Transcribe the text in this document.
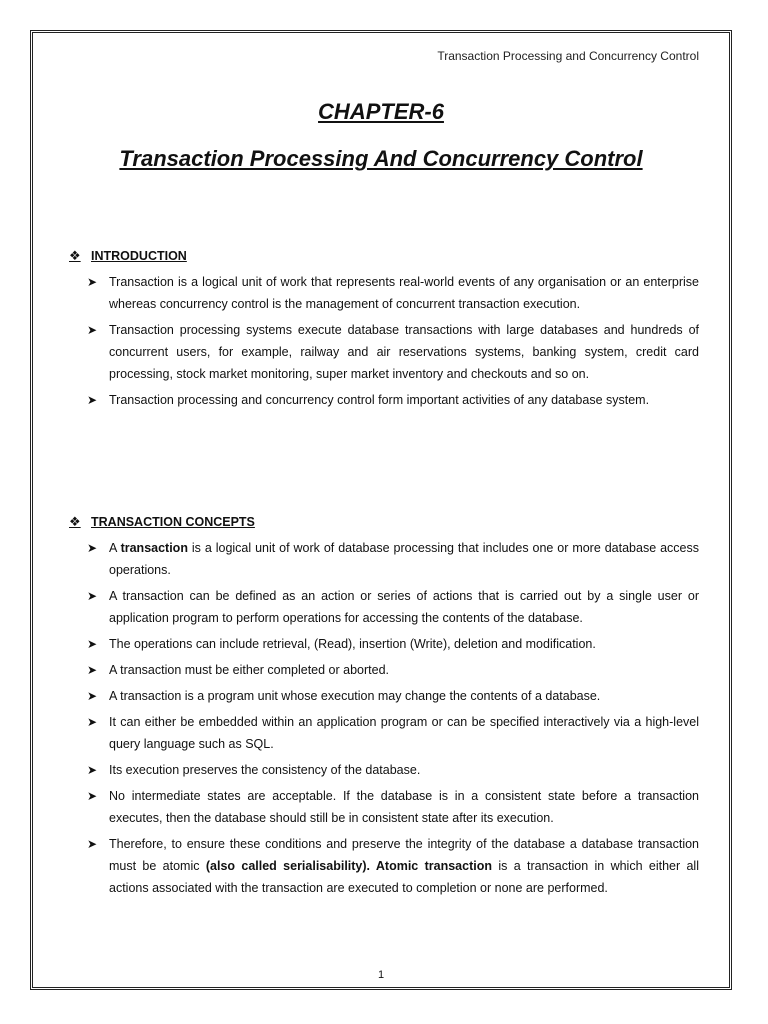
Transaction Processing and Concurrency Control
CHAPTER-6
Transaction Processing And Concurrency Control
❖ INTRODUCTION
➤ Transaction is a logical unit of work that represents real-world events of any organisation or an enterprise whereas concurrency control is the management of concurrent transaction execution.
➤ Transaction processing systems execute database transactions with large databases and hundreds of concurrent users, for example, railway and air reservations systems, banking system, credit card processing, stock market monitoring, super market inventory and checkouts and so on.
➤ Transaction processing and concurrency control form important activities of any database system.
❖ TRANSACTION CONCEPTS
➤ A transaction is a logical unit of work of database processing that includes one or more database access operations.
➤ A transaction can be defined as an action or series of actions that is carried out by a single user or application program to perform operations for accessing the contents of the database.
➤ The operations can include retrieval, (Read), insertion (Write), deletion and modification.
➤ A transaction must be either completed or aborted.
➤ A transaction is a program unit whose execution may change the contents of a database.
➤ It can either be embedded within an application program or can be specified interactively via a high-level query language such as SQL.
➤ Its execution preserves the consistency of the database.
➤ No intermediate states are acceptable. If the database is in a consistent state before a transaction executes, then the database should still be in consistent state after its execution.
➤ Therefore, to ensure these conditions and preserve the integrity of the database a database transaction must be atomic (also called serialisability). Atomic transaction is a transaction in which either all actions associated with the transaction are executed to completion or none are performed.
1
